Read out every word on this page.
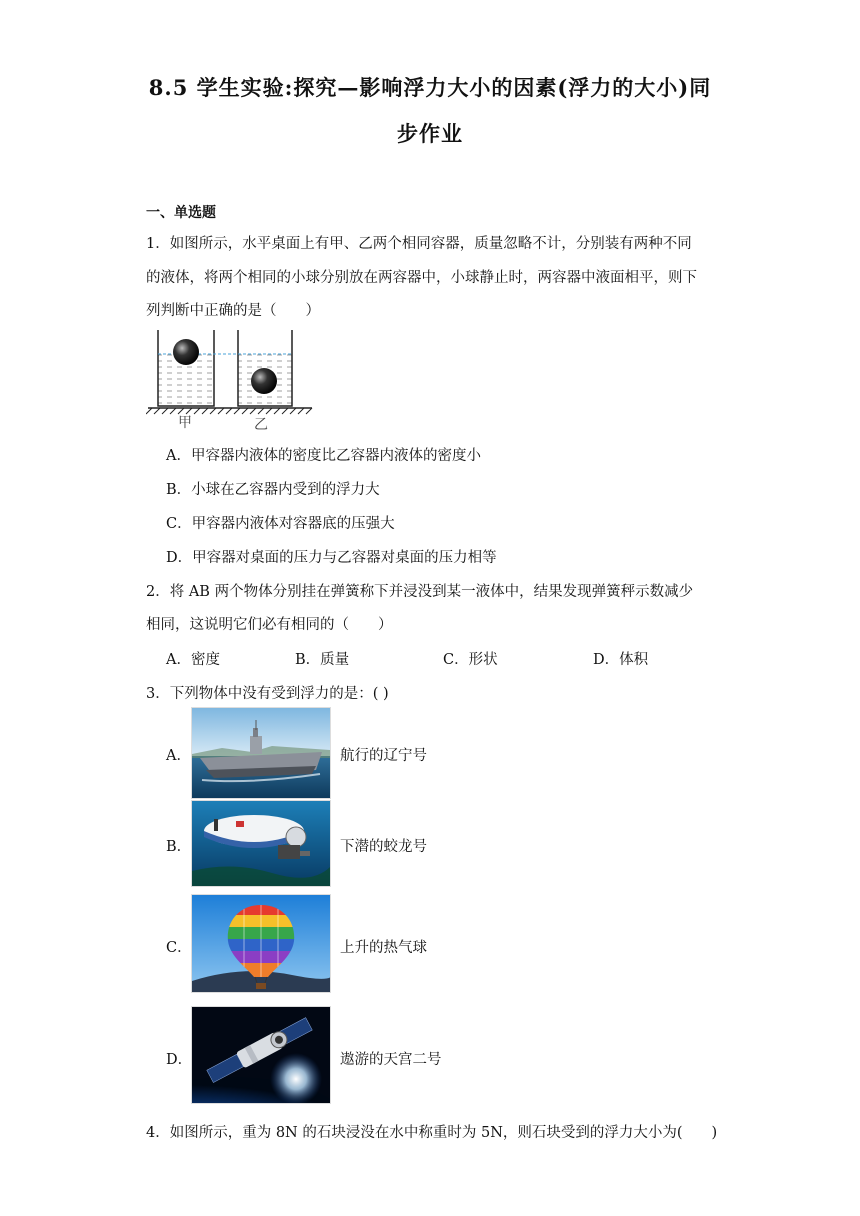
8.5 学生实验:探究—影响浮力大小的因素(浮力的大小)同
步作业
一、单选题
1．如图所示，水平桌面上有甲、乙两个相同容器，质量忽略不计，分别装有两种不同
的液体，将两个相同的小球分别放在两容器中，小球静止时，两容器中液面相平，则下
列判断中正确的是（　　）
甲	乙
A．甲容器内液体的密度比乙容器内液体的密度小
B．小球在乙容器内受到的浮力大
C．甲容器内液体对容器底的压强大
D．甲容器对桌面的压力与乙容器对桌面的压力相等
2．将 AB 两个物体分别挂在弹簧称下并浸没到某一液体中，结果发现弹簧秤示数减少
相同，这说明它们必有相同的（　　）
A．密度	B．质量	C．形状	D．体积
3．下列物体中没有受到浮力的是：( )
A．	航行的辽宁号
B．	下潜的蛟龙号
C．	上升的热气球
D．	遨游的天宫二号
4．如图所示，重为 8N 的石块浸没在水中称重时为 5N，则石块受到的浮力大小为(　　)
